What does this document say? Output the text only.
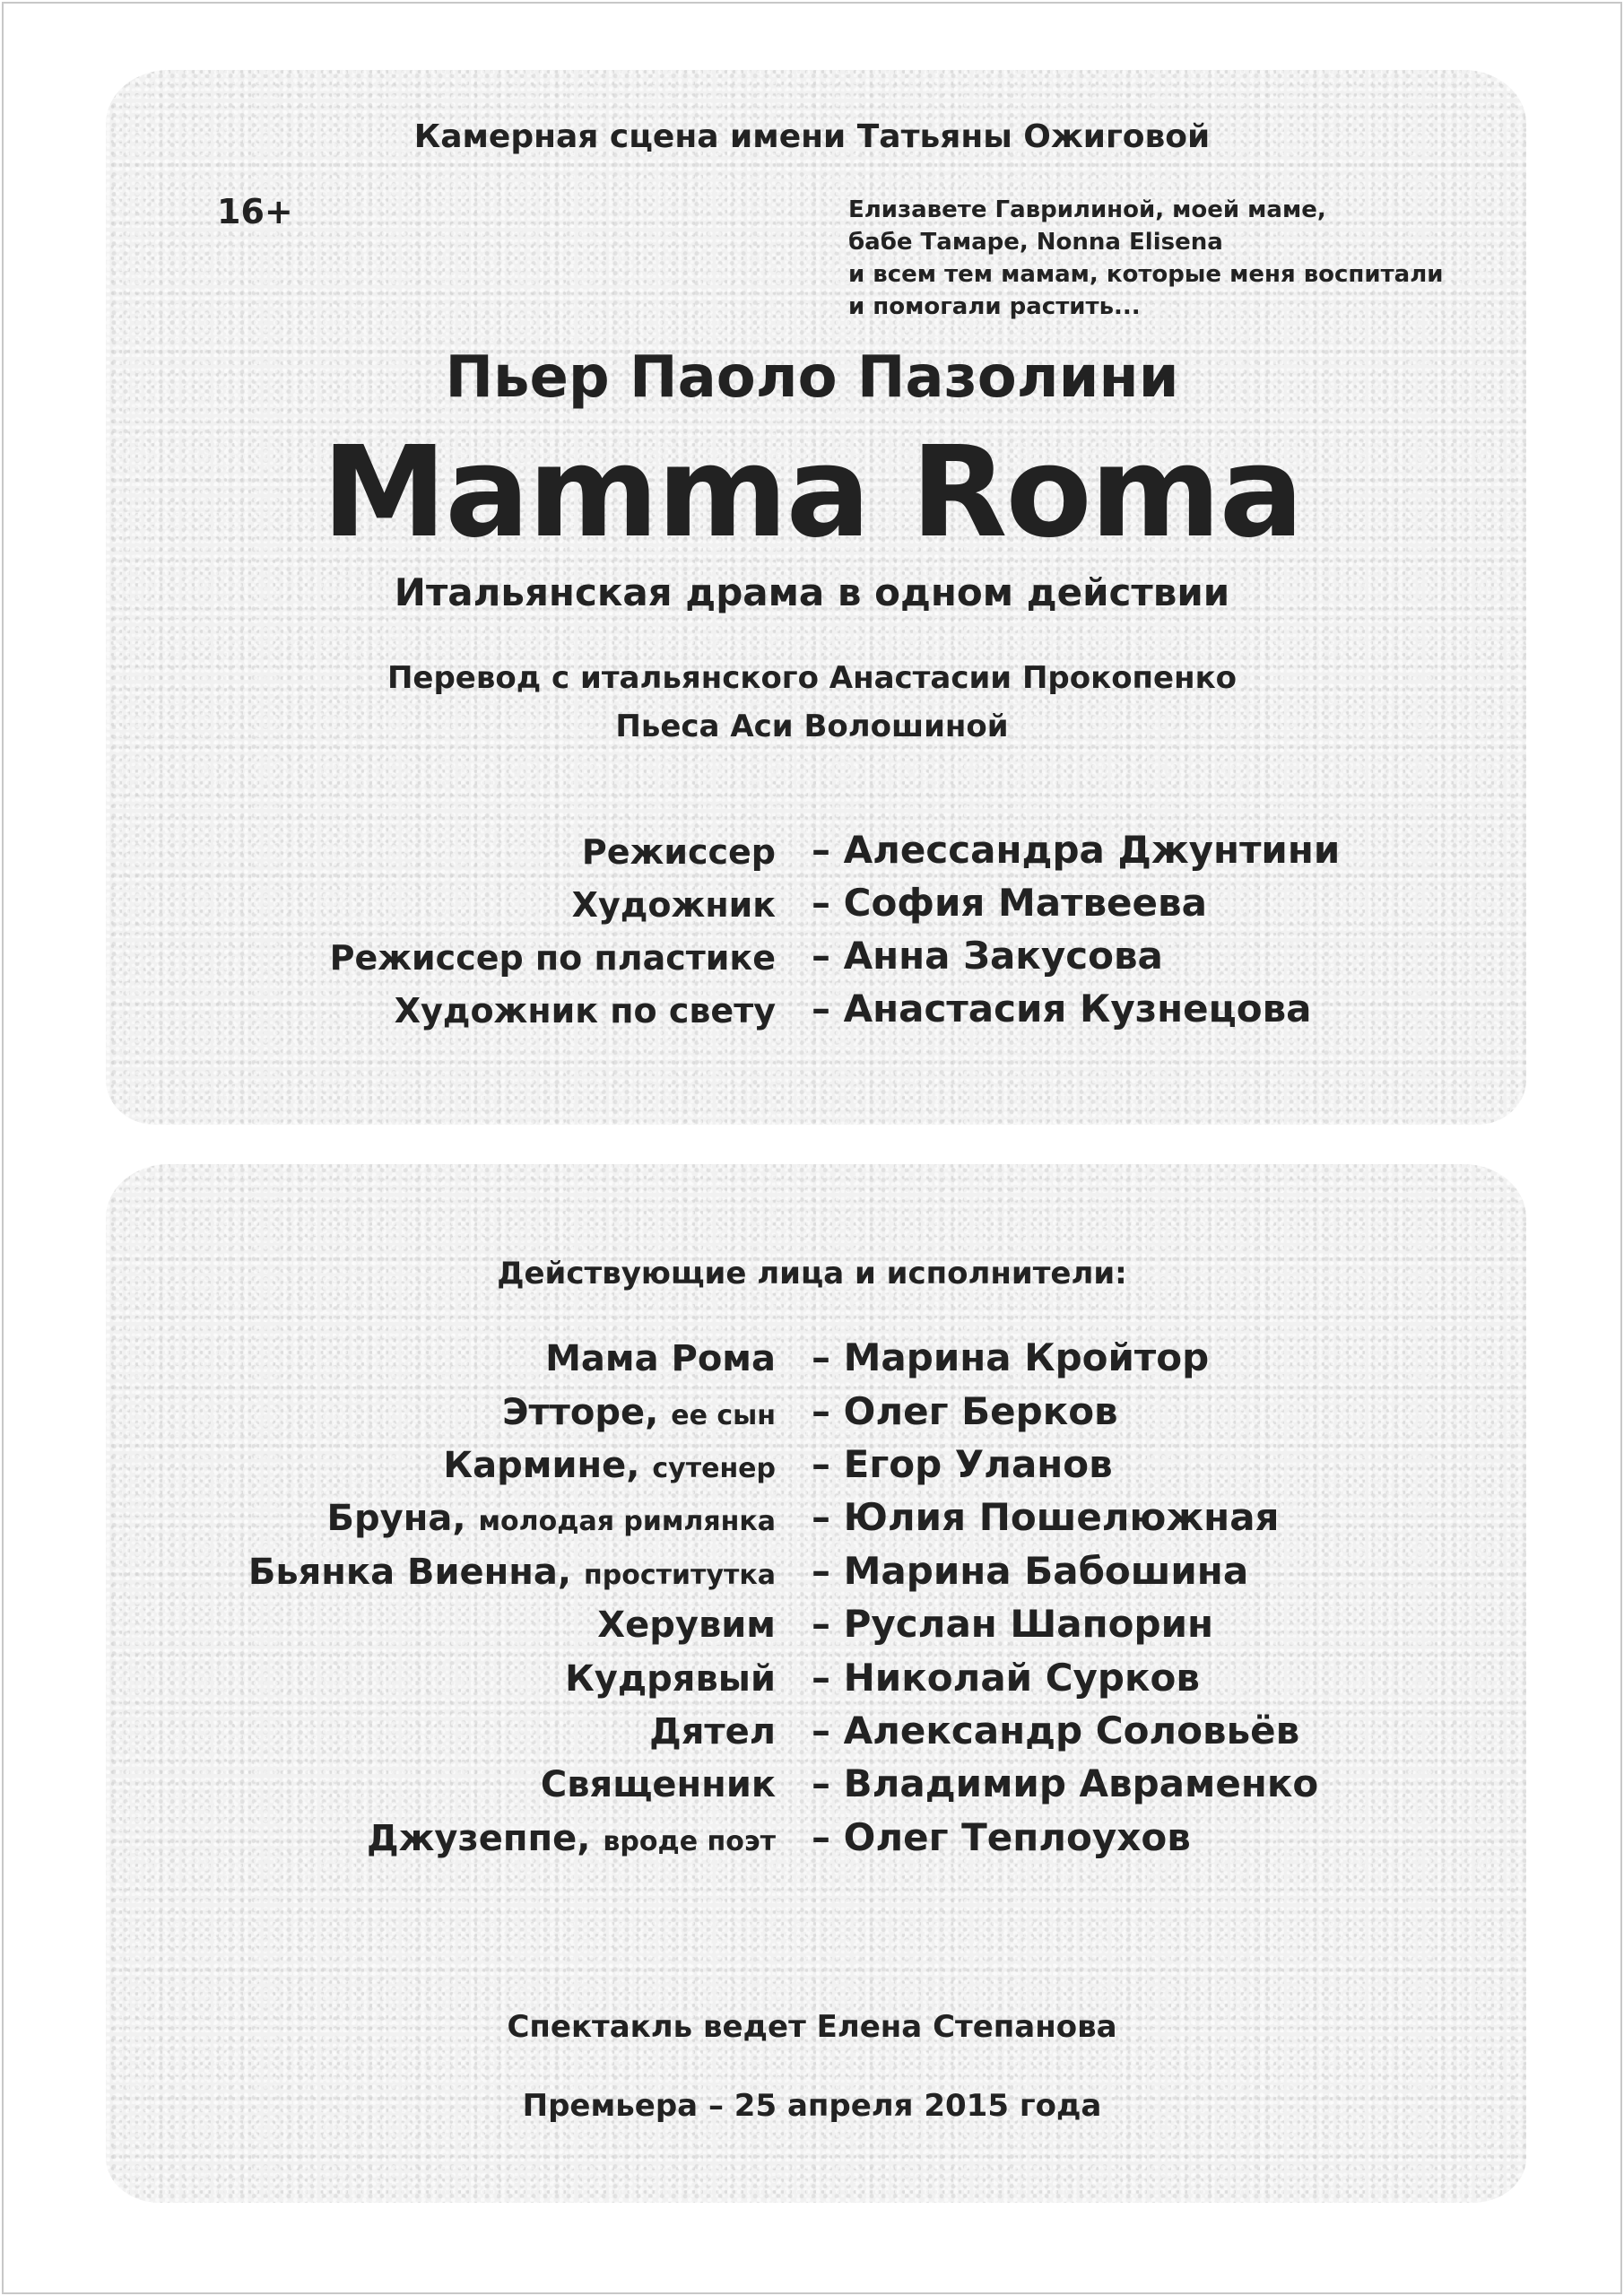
Камерная сцена имени Татьяны Ожиговой

16+	Елизавете Гаврилиной, моей маме,
бабе Тамаре, Nonna Elisena
и всем тем мамам, которые меня воспитали
и помогали растить...

Пьер Паоло Пазолини

Mamma Roma

Итальянская драма в одном действии

Перевод с итальянского Анастасии Прокопенко

Пьеса Аси Волошиной

Режиссер – Алессандра Джунтини
Художник – София Матвеева
Режиссер по пластике – Анна Закусова
Художник по свету – Анастасия Кузнецова

Действующие лица и исполнители:

Мама Рома – Марина Кройтор
Этторе, ее сын – Олег Берков
Кармине, сутенер – Егор Уланов
Бруна, молодая римлянка – Юлия Пошелюжная
Бьянка Виенна, проститутка – Марина Бабошина
Херувим – Руслан Шапорин
Кудрявый – Николай Сурков
Дятел – Александр Соловьёв
Священник – Владимир Авраменко
Джузеппе, вроде поэт – Олег Теплоухов

Спектакль ведет Елена Степанова

Премьера – 25 апреля 2015 года
